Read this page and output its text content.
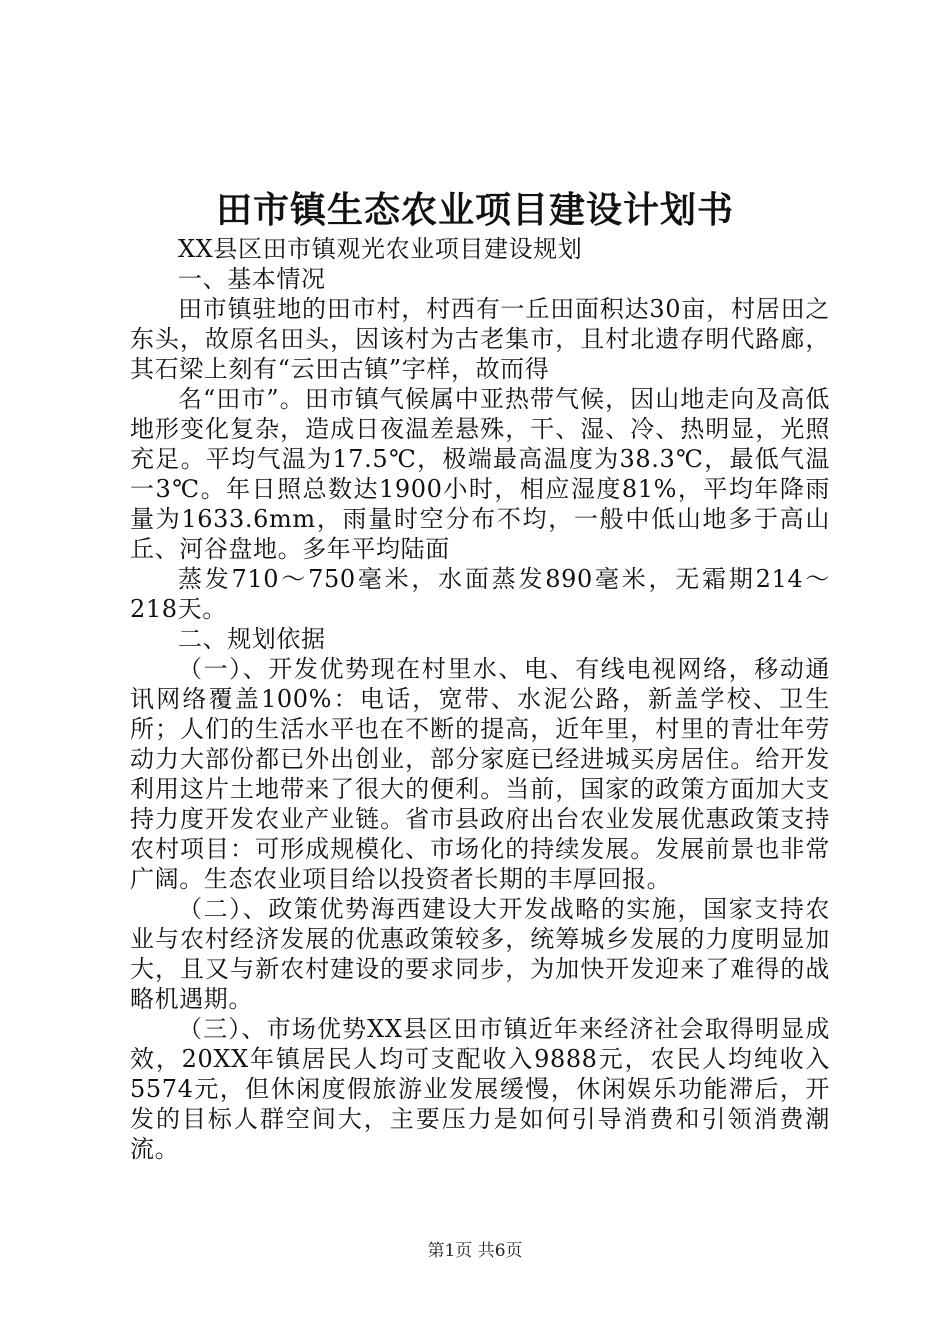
田市镇生态农业项目建设计划书

XX县区田市镇观光农业项目建设规划

一、基本情况

田市镇驻地的田市村，村西有一丘田面积达30亩，村居田之东头，故原名田头，因该村为古老集市，且村北遗存明代路廊，其石梁上刻有“云田古镇”字样，故而得

名“田市”。田市镇气候属中亚热带气候，因山地走向及高低地形变化复杂，造成日夜温差悬殊，干、湿、冷、热明显，光照充足。平均气温为17.5℃，极端最高温度为38.3℃，最低气温一3℃。年日照总数达1900小时，相应湿度81%，平均年降雨量为1633.6mm，雨量时空分布不均，一般中低山地多于高山丘、河谷盘地。多年平均陆面

蒸发710～750毫米，水面蒸发890毫米，无霜期214～218天。

二、规划依据

（一）、开发优势现在村里水、电、有线电视网络，移动通讯网络覆盖100%：电话，宽带、水泥公路，新盖学校、卫生所；人们的生活水平也在不断的提高，近年里，村里的青壮年劳动力大部份都已外出创业，部分家庭已经进城买房居住。给开发利用这片土地带来了很大的便利。当前，国家的政策方面加大支持力度开发农业产业链。省市县政府出台农业发展优惠政策支持农村项目：可形成规模化、市场化的持续发展。发展前景也非常广阔。生态农业项目给以投资者长期的丰厚回报。

（二）、政策优势海西建设大开发战略的实施，国家支持农业与农村经济发展的优惠政策较多，统筹城乡发展的力度明显加大，且又与新农村建设的要求同步，为加快开发迎来了难得的战略机遇期。

（三）、市场优势XX县区田市镇近年来经济社会取得明显成效，20XX年镇居民人均可支配收入9888元，农民人均纯收入5574元，但休闲度假旅游业发展缓慢，休闲娱乐功能滞后，开发的目标人群空间大，主要压力是如何引导消费和引领消费潮流。

第1页 共6页
